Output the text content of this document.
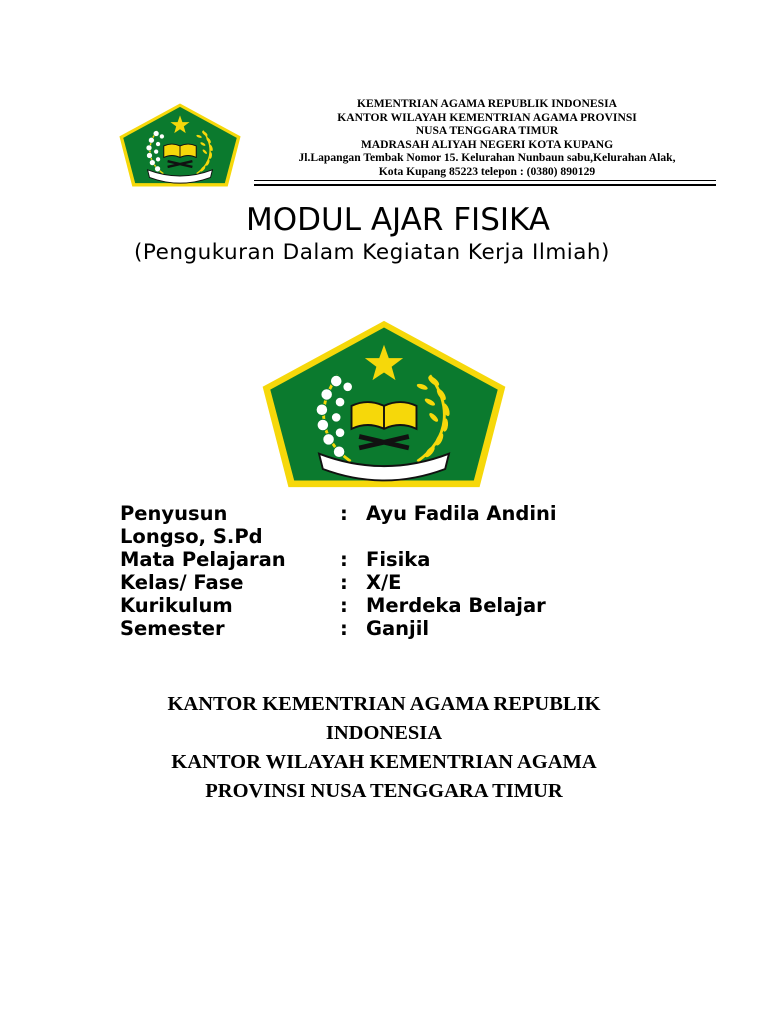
KEMENTRIAN AGAMA REPUBLIK INDONESIA
KANTOR WILAYAH KEMENTRIAN AGAMA PROVINSI
NUSA TENGGARA TIMUR
MADRASAH ALIYAH NEGERI KOTA KUPANG
Jl.Lapangan Tembak Nomor 15. Kelurahan Nunbaun sabu,Kelurahan Alak,
Kota Kupang 85223 telepon : (0380) 890129
MODUL AJAR FISIKA
(Pengukuran Dalam Kegiatan Kerja Ilmiah)
Penyusun	: Ayu Fadila Andini
Longso, S.Pd
Mata Pelajaran	: Fisika
Kelas/ Fase	: X/E
Kurikulum	: Merdeka Belajar
Semester	: Ganjil
KANTOR KEMENTRIAN AGAMA REPUBLIK
INDONESIA
KANTOR WILAYAH KEMENTRIAN AGAMA
PROVINSI NUSA TENGGARA TIMUR
